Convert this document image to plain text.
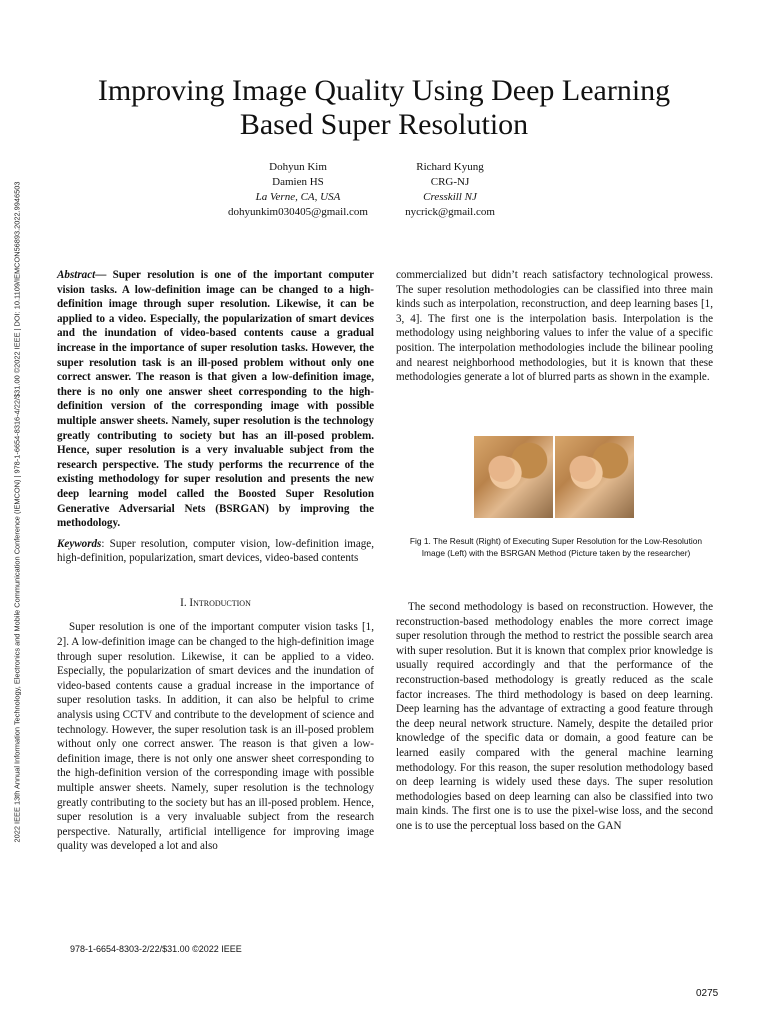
2022 IEEE 13th Annual Information Technology, Electronics and Mobile Communication Conference (IEMCON) | 978-1-6654-8316-4/22/$31.00 ©2022 IEEE | DOI: 10.1109/IEMCON56893.2022.9946503
Improving Image Quality Using Deep Learning
Based Super Resolution
Dohyun Kim
Damien HS
La Verne, CA, USA
dohyunkim030405@gmail.com
Richard Kyung
CRG-NJ
Cresskill NJ
nycrick@gmail.com

Abstract— Super resolution is one of the important computer vision tasks. A low-definition image can be changed to a high-definition image through super resolution. Likewise, it can be applied to a video. Especially, the popularization of smart devices and the inundation of video-based contents cause a gradual increase in the importance of super resolution tasks. However, the super resolution task is an ill-posed problem without only one correct answer. The reason is that given a low-definition image, there is no only one answer sheet corresponding to the high-definition version of the corresponding image with possible multiple answer sheets. Namely, super resolution is the technology greatly contributing to society but has an ill-posed problem. Hence, super resolution is a very invaluable subject from the research perspective. The study performs the recurrence of the existing methodology for super resolution and presents the new deep learning model called the Boosted Super Resolution Generative Adversarial Nets (BSRGAN) by improving the methodology.

Keywords: Super resolution, computer vision, low-definition image, high-definition, popularization, smart devices, video-based contents

I. Introduction

Super resolution is one of the important computer vision tasks [1, 2]. A low-definition image can be changed to the high-definition image through super resolution. Likewise, it can be applied to a video. Especially, the popularization of smart devices and the inundation of video-based contents cause a gradual increase in the importance of super resolution tasks. In addition, it can also be helpful to crime analysis using CCTV and contribute to the development of science and technology. However, the super resolution task is an ill-posed problem without only one correct answer. The reason is that given a low-definition image, there is not only one answer sheet corresponding to the high-definition version of the corresponding image with possible multiple answer sheets. Namely, super resolution is the technology greatly contributing to the society but has an ill-posed problem. Hence, super resolution is a very invaluable subject from the research perspective. Naturally, artificial intelligence for improving image quality was developed a lot and also

commercialized but didn’t reach satisfactory technological prowess. The super resolution methodologies can be classified into three main kinds such as interpolation, reconstruction, and deep learning bases [1, 3, 4]. The first one is the interpolation basis. Interpolation is the methodology using neighboring values to infer the value of a specific position. The interpolation methodologies include the bilinear pooling and nearest neighborhood methodologies, but it is known that these methodologies generate a lot of blurred parts as shown in the example.

Fig 1. The Result (Right) of Executing Super Resolution for the Low-Resolution Image (Left) with the BSRGAN Method (Picture taken by the researcher)

The second methodology is based on reconstruction. However, the reconstruction-based methodology enables the more correct image super resolution through the method to restrict the possible search area with super resolution. But it is known that complex prior knowledge is usually required accordingly and that the performance of the reconstruction-based methodology is greatly reduced as the scale factor increases. The third methodology is based on deep learning. Deep learning has the advantage of extracting a good feature through the deep neural network structure. Namely, despite the detailed prior knowledge of the specific data or domain, a good feature can be learned easily compared with the general machine learning methodology. For this reason, the super resolution methodology based on deep learning is widely used these days. The super resolution methodologies based on deep learning can also be classified into two main kinds. The first one is to use the pixel-wise loss, and the second one is to use the perceptual loss based on the GAN

978-1-6654-8303-2/22/$31.00 ©2022 IEEE
0275
